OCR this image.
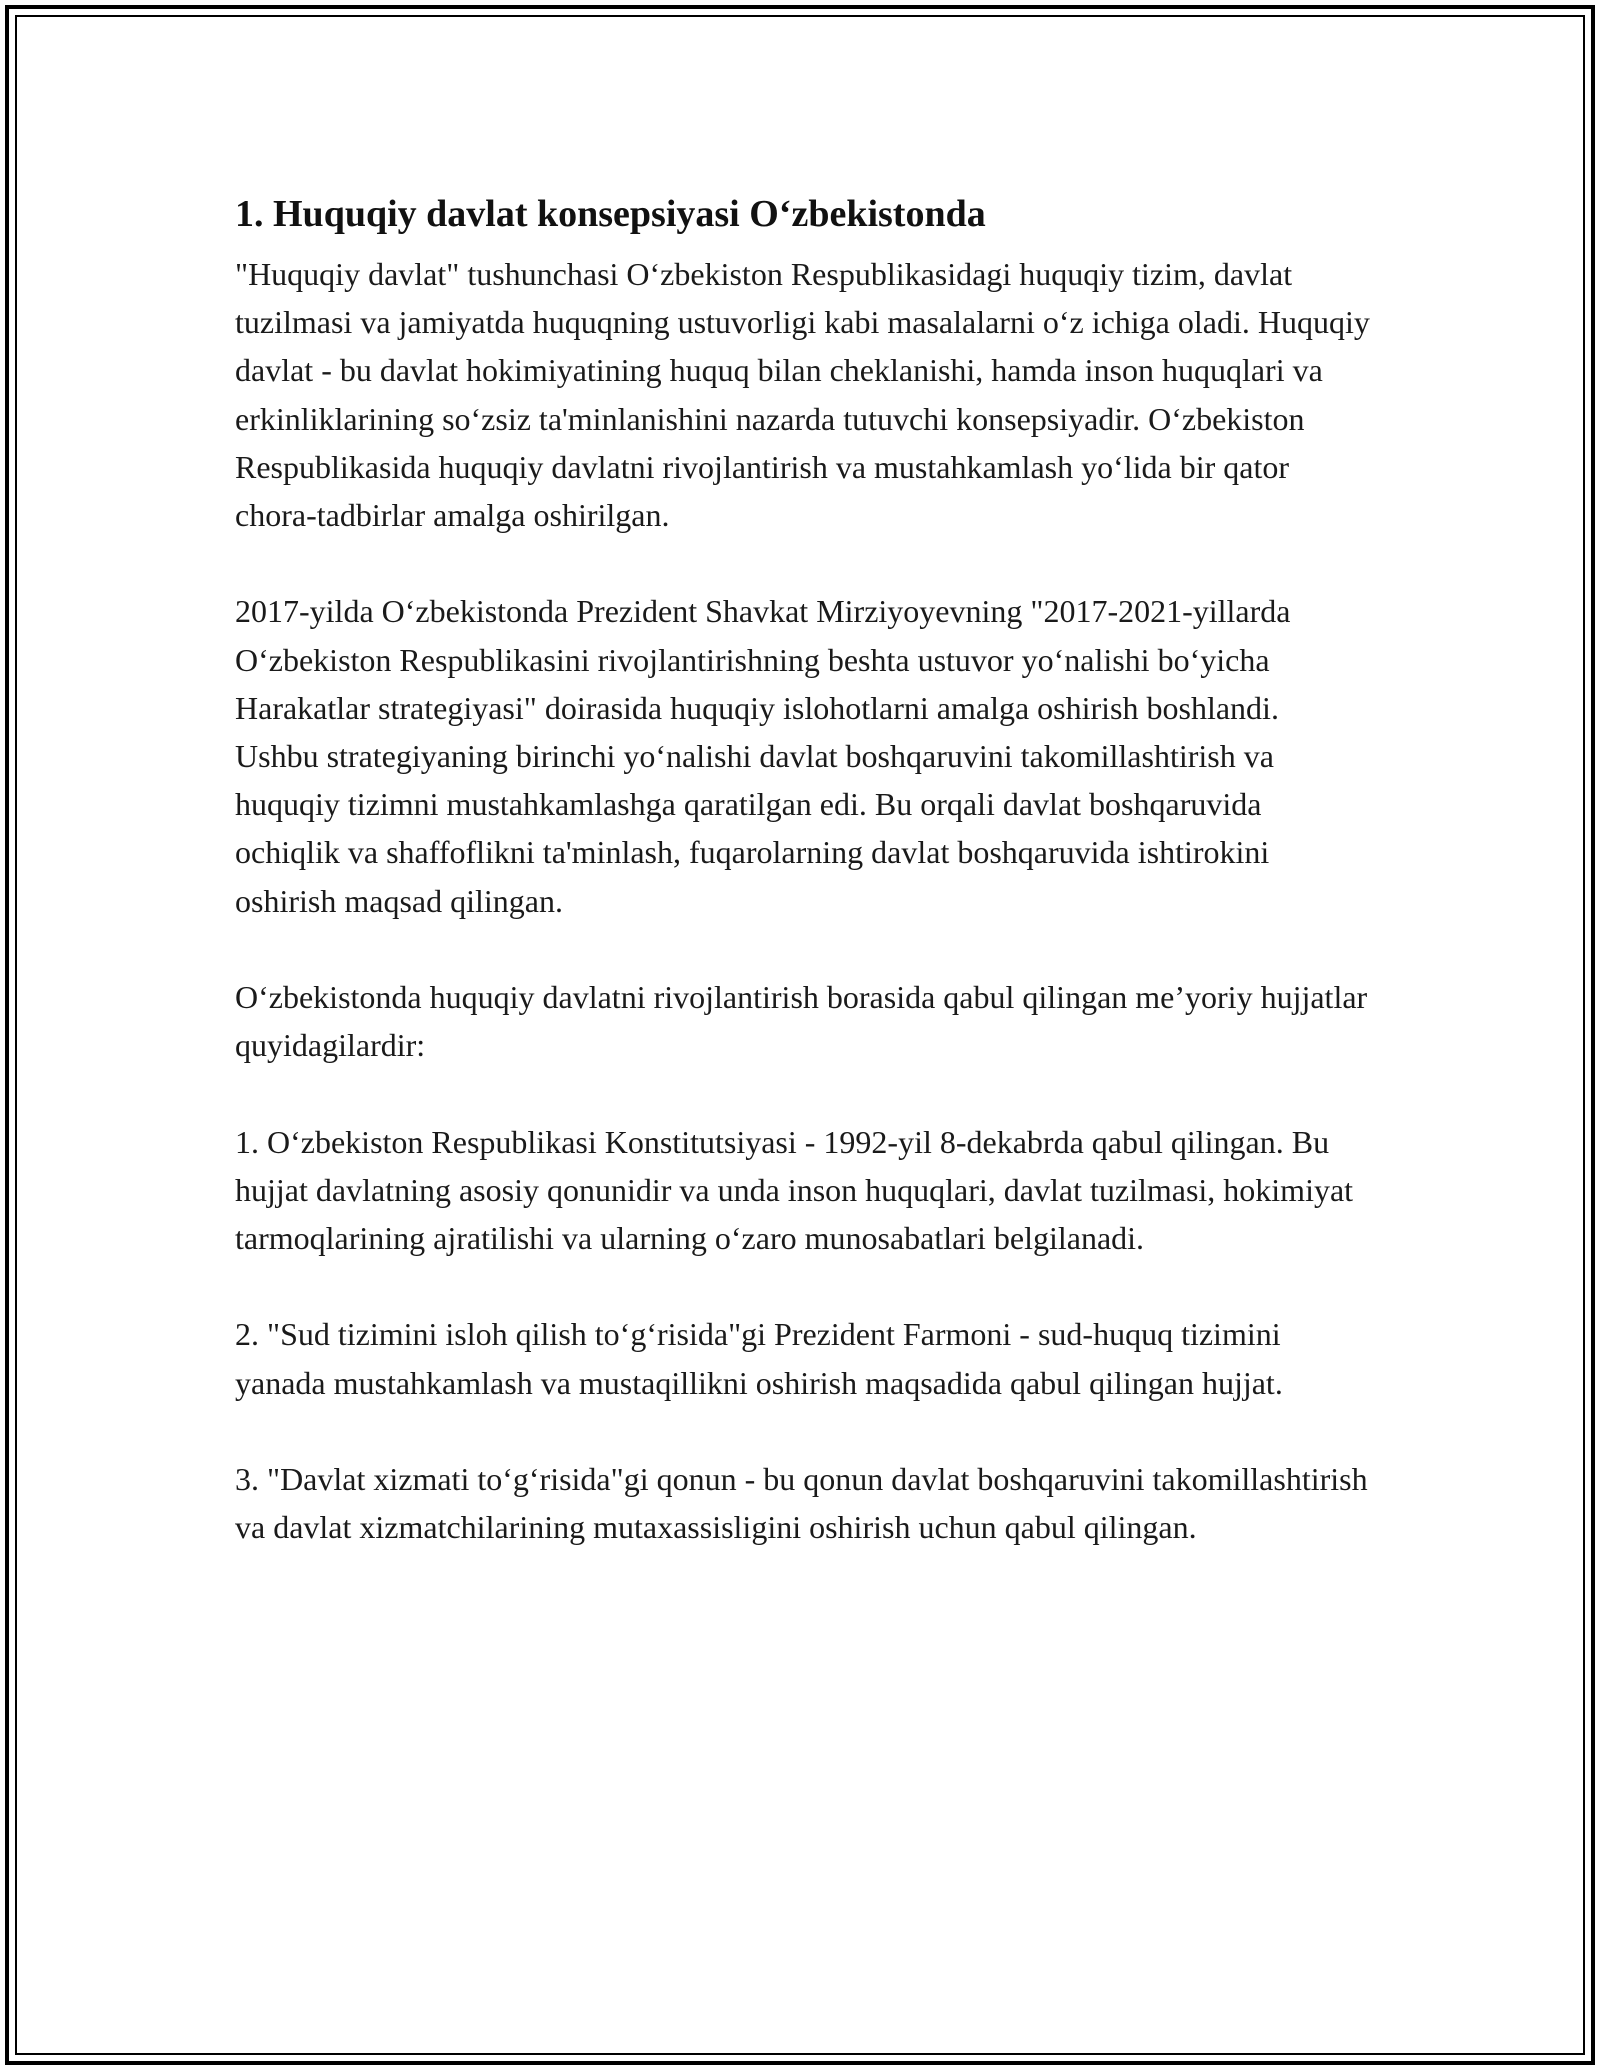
1. Huquqiy davlat konsepsiyasi O‘zbekistonda

"Huquqiy davlat" tushunchasi O‘zbekiston Respublikasidagi huquqiy tizim, davlat tuzilmasi va jamiyatda huquqning ustuvorligi kabi masalalarni o‘z ichiga oladi. Huquqiy davlat - bu davlat hokimiyatining huquq bilan cheklanishi, hamda inson huquqlari va erkinliklarining so‘zsiz ta'minlanishini nazarda tutuvchi konsepsiyadir. O‘zbekiston Respublikasida huquqiy davlatni rivojlantirish va mustahkamlash yo‘lida bir qator chora-tadbirlar amalga oshirilgan.

2017-yilda O‘zbekistonda Prezident Shavkat Mirziyoyevning "2017-2021-yillarda O‘zbekiston Respublikasini rivojlantirishning beshta ustuvor yo‘nalishi bo‘yicha Harakatlar strategiyasi" doirasida huquqiy islohotlarni amalga oshirish boshlandi. Ushbu strategiyaning birinchi yo‘nalishi davlat boshqaruvini takomillashtirish va huquqiy tizimni mustahkamlashga qaratilgan edi. Bu orqali davlat boshqaruvida ochiqlik va shaffoflikni ta'minlash, fuqarolarning davlat boshqaruvida ishtirokini oshirish maqsad qilingan.

O‘zbekistonda huquqiy davlatni rivojlantirish borasida qabul qilingan me’yoriy hujjatlar quyidagilardir:

1. O‘zbekiston Respublikasi Konstitutsiyasi - 1992-yil 8-dekabrda qabul qilingan. Bu hujjat davlatning asosiy qonunidir va unda inson huquqlari, davlat tuzilmasi, hokimiyat tarmoqlarining ajratilishi va ularning o‘zaro munosabatlari belgilanadi.

2. "Sud tizimini isloh qilish to‘g‘risida"gi Prezident Farmoni - sud-huquq tizimini yanada mustahkamlash va mustaqillikni oshirish maqsadida qabul qilingan hujjat.

3. "Davlat xizmati to‘g‘risida"gi qonun - bu qonun davlat boshqaruvini takomillashtirish va davlat xizmatchilarining mutaxassisligini oshirish uchun qabul qilingan.
